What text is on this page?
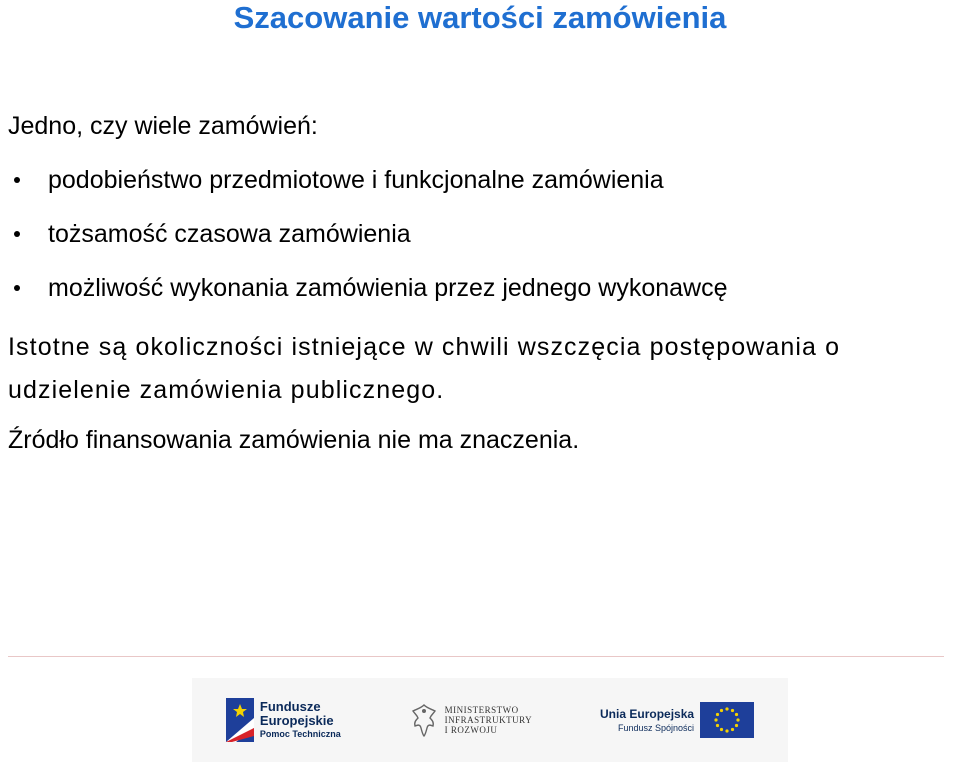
Szacowanie wartości zamówienia
Jedno, czy wiele zamówień:
podobieństwo przedmiotowe i funkcjonalne zamówienia
tożsamość czasowa zamówienia
możliwość wykonania zamówienia przez jednego wykonawcę
Istotne są okoliczności istniejące w chwili wszczęcia postępowania o
udzielenie zamówienia publicznego.
Źródło finansowania zamówienia nie ma znaczenia.
Fundusze
Europejskie
Pomoc Techniczna
MINISTERSTWO
INFRASTRUKTURY
I ROZWOJU
Unia Europejska
Fundusz Spójności
